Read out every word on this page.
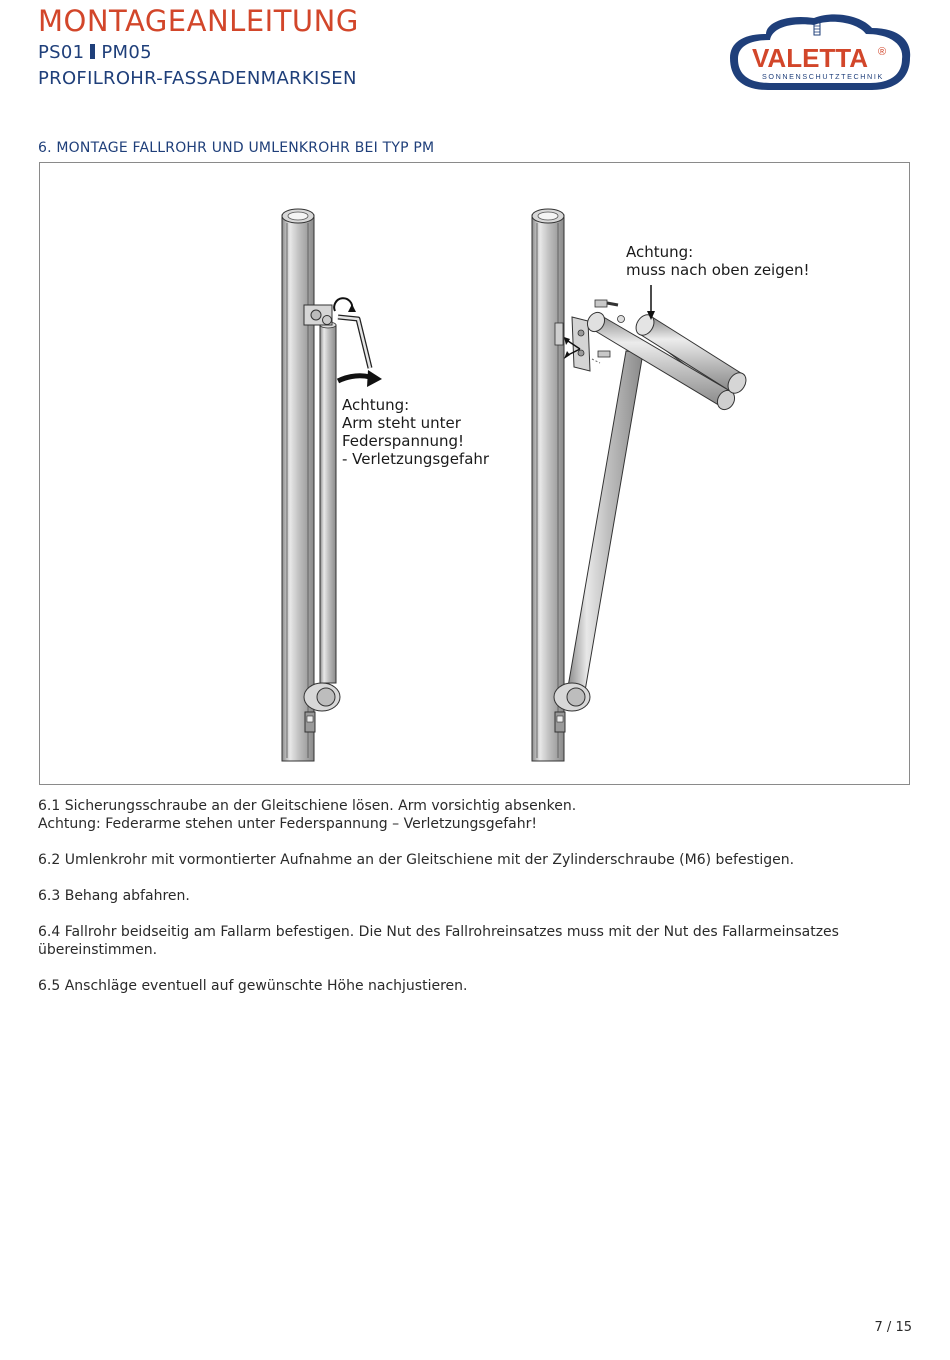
MONTAGEANLEITUNG
PS01 PM05
PROFILROHR-FASSADENMARKISEN
VALETTA ®
SONNENSCHUTZTECHNIK
6. MONTAGE FALLROHR UND UMLENKROHR BEI TYP PM
Achtung:
Arm steht unter
Federspannung!
- Verletzungsgefahr
Achtung:
muss nach oben zeigen!
6.1 Sicherungsschraube an der Gleitschiene lösen. Arm vorsichtig absenken.
Achtung: Federarme stehen unter Federspannung – Verletzungsgefahr!
6.2 Umlenkrohr mit vormontierter Aufnahme an der Gleitschiene mit der Zylinderschraube (M6) befestigen.
6.3 Behang abfahren.
6.4 Fallrohr beidseitig am Fallarm befestigen. Die Nut des Fallrohreinsatzes muss mit der Nut des Fallarmeinsatzes übereinstimmen.
6.5 Anschläge eventuell auf gewünschte Höhe nachjustieren.
7 / 15
